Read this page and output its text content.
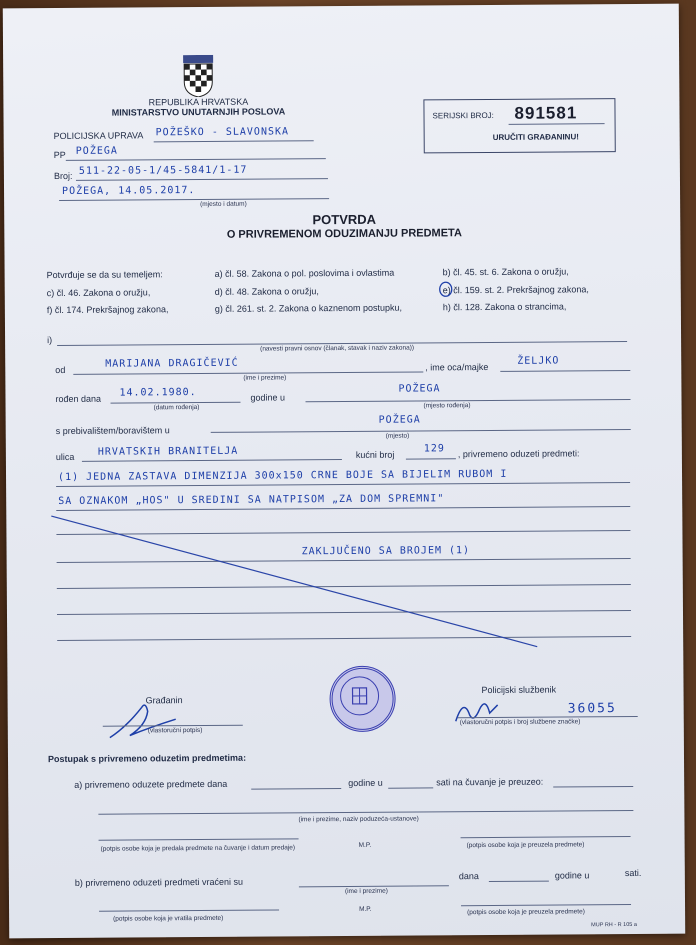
REPUBLIKA HRVATSKA
MINISTARSTVO UNUTARNJIH POSLOVA
POLICIJSKA UPRAVA POŽEŠKO - SLAVONSKA
PP POŽEGA
Broj: 511-22-05-1/45-5841/1-17
POŽEGA, 14.05.2017.
(mjesto i datum)
SERIJSKI BROJ: 891581
URUČITI GRAĐANINU!
POTVRDA
O PRIVREMENOM ODUZIMANJU PREDMETA
Potvrđuje se da su temeljem:	a) čl. 58. Zakona o pol. poslovima i ovlastima	b) čl. 45. st. 6. Zakona o oružju,
c) čl. 46. Zakona o oružju,	d) čl. 48. Zakona o oružju,	e) čl. 159. st. 2. Prekršajnog zakona,
f) čl. 174. Prekršajnog zakona,	g) čl. 261. st. 2. Zakona o kaznenom postupku,	h) čl. 128. Zakona o strancima,
i)
(navesti pravni osnov (članak, stavak i naziv zakona))
od
MARIJANA DRAGIČEVIĆ
(ime i prezime)
, ime oca/majke
ŽELJKO
rođen dana
14.02.1980.
(datum rođenja)
godine u
POŽEGA
(mjesto rođenja)
s prebivalištem/boravištem u
POŽEGA
(mjesto)
ulica HRVATSKIH BRANITELJA	kućni broj
129 , privremeno oduzeti predmeti:
(1) JEDNA ZASTAVA DIMENZIJA 300x150 CRNE BOJE SA BIJELIM RUBOM I
SA OZNAKOM „HOS" U SREDINI SA NATPISOM „ZA DOM SPREMNI"
ZAKLJUČENO SA BROJEM (1)
Građanin
(vlastoručni potpis)
Policijski službenik
36055
(vlastoručni potpis i broj službene značke)
Postupak s privremeno oduzetim predmetima:
a) privremeno oduzete predmete dana	godine u	sati na čuvanje je preuzeo:
(ime i prezime, naziv poduzeća-ustanove)
(potpis osobe koja je predala predmete na čuvanje i datum predaje)	M.P.	(potpis osobe koja je preuzela predmete)
b) privremeno oduzeti predmeti vraćeni su
(ime i prezime)
dana	godine u	sati.
(potpis osobe koja je vratila predmete)
M.P.	(potpis osobe koja je preuzela predmete)
MUP RH - R 105 a
